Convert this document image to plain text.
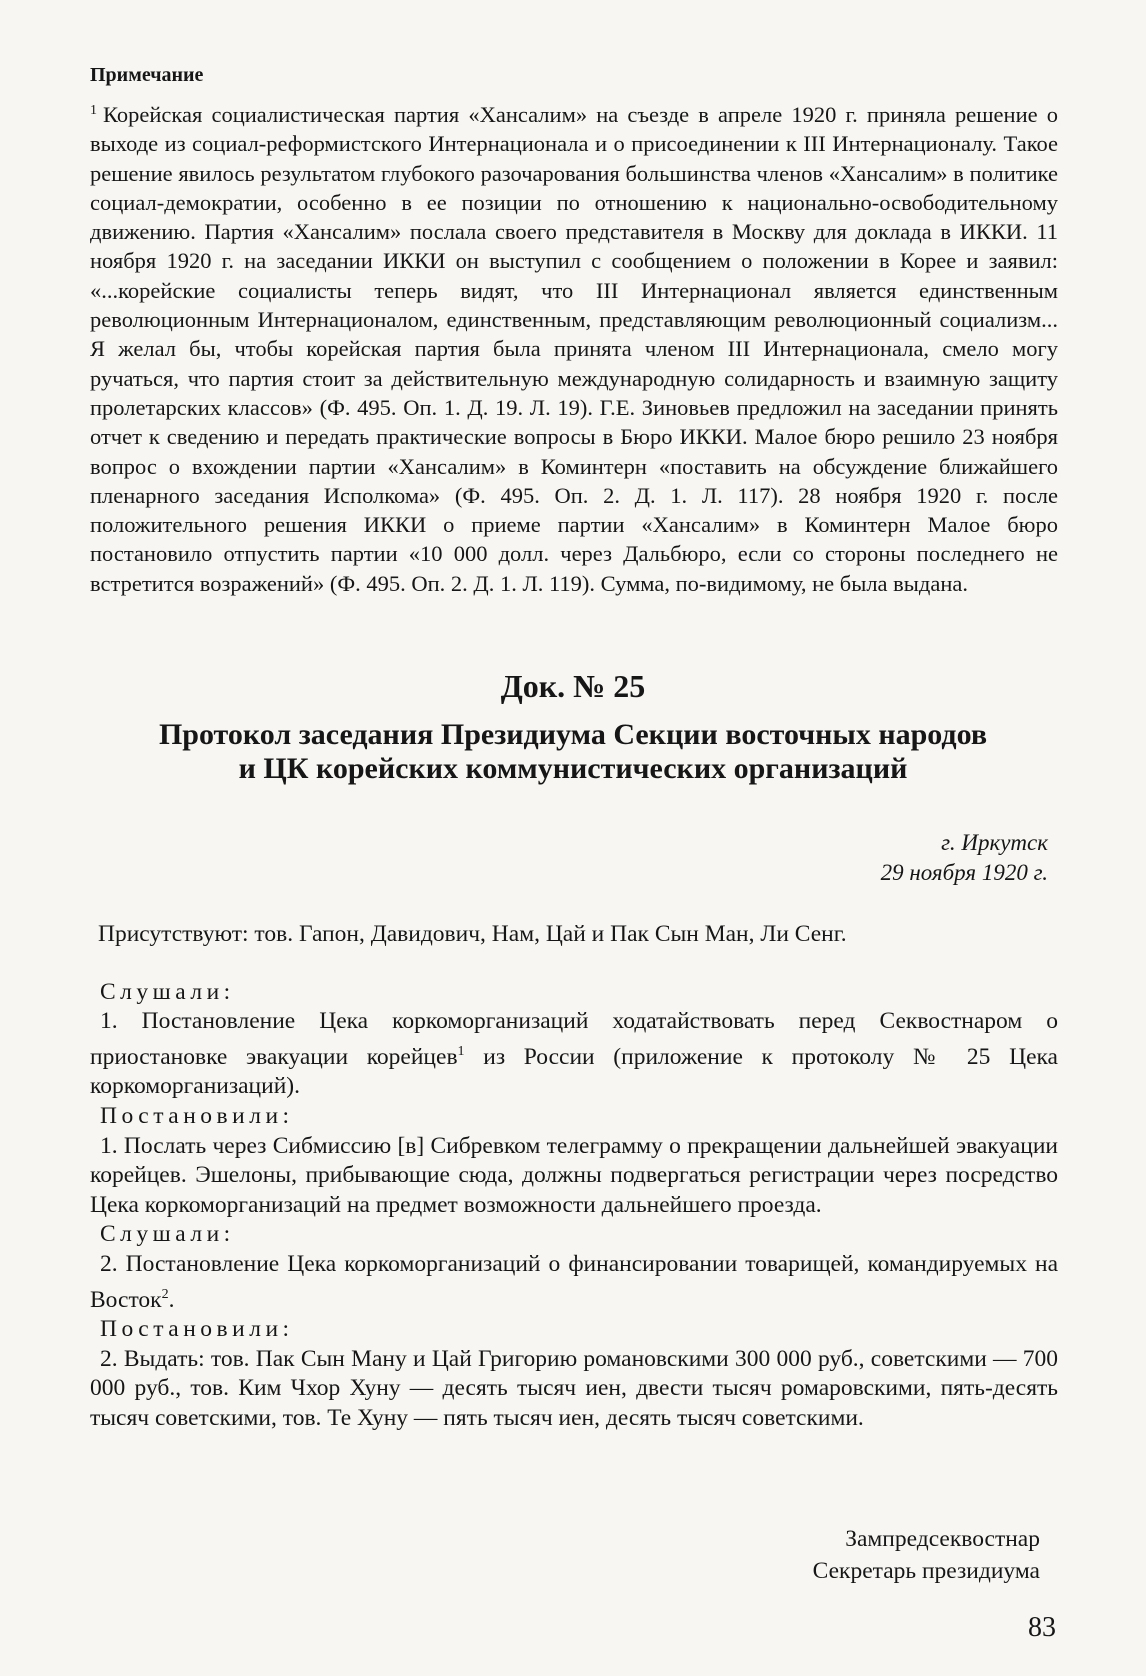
Примечание
$^1$ Корейская социалистическая партия «Хансалим» на съезде в апреле 1920 г. приняла решение о выходе из социал-реформистского Интернационала и о присоединении к III Интернационалу. Такое решение явилось результатом глубокого разочарования большинства членов «Хансалим» в политике социал-демократии, особенно в ее позиции по отношению к национально-освободительному движению. Партия «Хансалим» послала своего представителя в Москву для доклада в ИККИ. 11 ноября 1920 г. на заседании ИККИ он выступил с сообщением о положении в Корее и заявил: «...корейские социалисты теперь видят, что III Интернационал является единственным революционным Интернационалом, единственным, представляющим революционный социализм... Я желал бы, чтобы корейская партия была принята членом III Интернационала, смело могу ручаться, что партия стоит за действительную международную солидарность и взаимную защиту пролетарских классов» (Ф. 495. Оп. 1. Д. 19. Л. 19). Г.Е. Зиновьев предложил на заседании принять отчет к сведению и передать практические вопросы в Бюро ИККИ. Малое бюро решило 23 ноября вопрос о вхождении партии «Хансалим» в Коминтерн «поставить на обсуждение ближайшего пленарного заседания Исполкома» (Ф. 495. Оп. 2. Д. 1. Л. 117). 28 ноября 1920 г. после положительного решения ИККИ о приеме партии «Хансалим» в Коминтерн Малое бюро постановило отпустить партии «10 000 долл. через Дальбюро, если со стороны последнего не встретится возражений» (Ф. 495. Оп. 2. Д. 1. Л. 119). Сумма, по-видимому, не была выдана.
Док. № 25
Протокол заседания Президиума Секции восточных народов
и ЦК корейских коммунистических организаций
г. Иркутск
29 ноября 1920 г.

Присутствуют: тов. Гапон, Давидович, Нам, Цай и Пак Сын Ман, Ли Сенг.

Слушали:

1. Постановление Цека коркоморганизаций ходатайствовать перед Секвостнаром о приостановке эвакуации корейцев$^1$ из России (приложение к протоколу № 25 Цека коркоморганизаций).

Постановили:

1. Послать через Сибмиссию [в] Сибревком телеграмму о прекращении дальнейшей эвакуации корейцев. Эшелоны, прибывающие сюда, должны подвергаться регистрации через посредство Цека коркоморганизаций на предмет возможности дальнейшего проезда.

Слушали:

2. Постановление Цека коркоморганизаций о финансировании товарищей, командируемых на Восток$^2$.

Постановили:

2. Выдать: тов. Пак Сын Ману и Цай Григорию романовскими 300 000 руб., советскими — 700 000 руб., тов. Ким Чхор Хуну — десять тысяч иен, двести тысяч ромаровскими, пять-десять тысяч советскими, тов. Те Хуну — пять тысяч иен, десять тысяч советскими.

Зампредсеквостнар
Секретарь президиума
83
